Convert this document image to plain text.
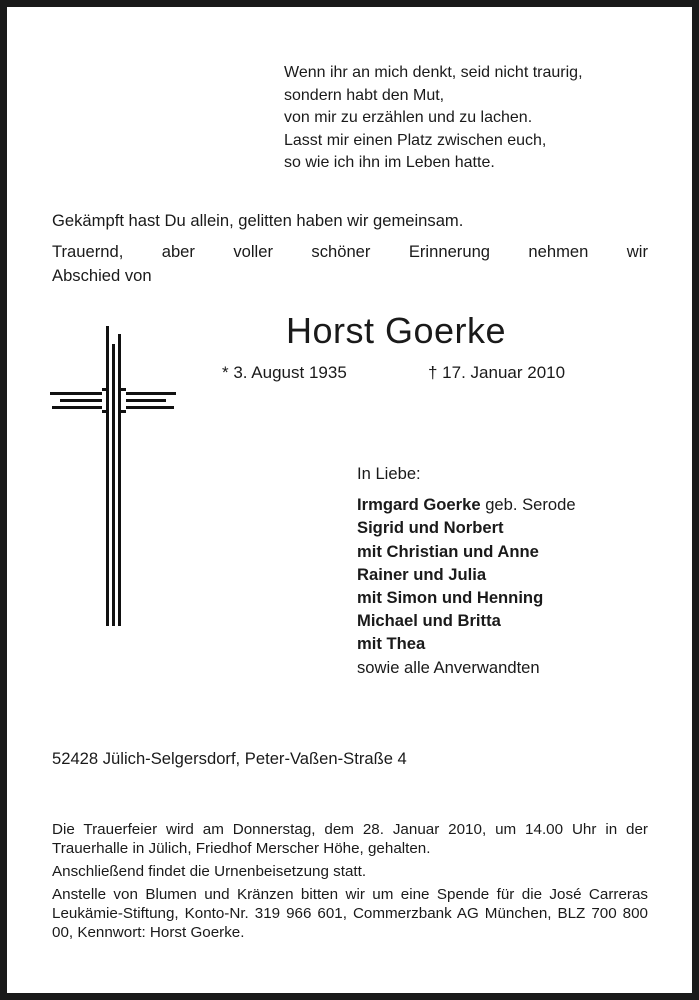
Wenn ihr an mich denkt, seid nicht traurig,
sondern habt den Mut,
von mir zu erzählen und zu lachen.
Lasst mir einen Platz zwischen euch,
so wie ich ihn im Leben hatte.
Gekämpft hast Du allein, gelitten haben wir gemeinsam.
Trauernd, aber voller schöner Erinnerung nehmen wir
Abschied von
Horst Goerke
* 3. August 1935	† 17. Januar 2010
In Liebe:
Irmgard Goerke geb. Serode
Sigrid und Norbert
mit Christian und Anne
Rainer und Julia
mit Simon und Henning
Michael und Britta
mit Thea
sowie alle Anverwandten
52428 Jülich-Selgersdorf, Peter-Vaßen-Straße 4

Die Trauerfeier wird am Donnerstag, dem 28. Januar 2010, um 14.00 Uhr in der Trauerhalle in Jülich, Friedhof Merscher Höhe, gehalten.

Anschließend findet die Urnenbeisetzung statt.

Anstelle von Blumen und Kränzen bitten wir um eine Spende für die José Carreras Leukämie-Stiftung, Konto-Nr. 319 966 601, Commerzbank AG München, BLZ 700 800 00, Kennwort: Horst Goerke.
